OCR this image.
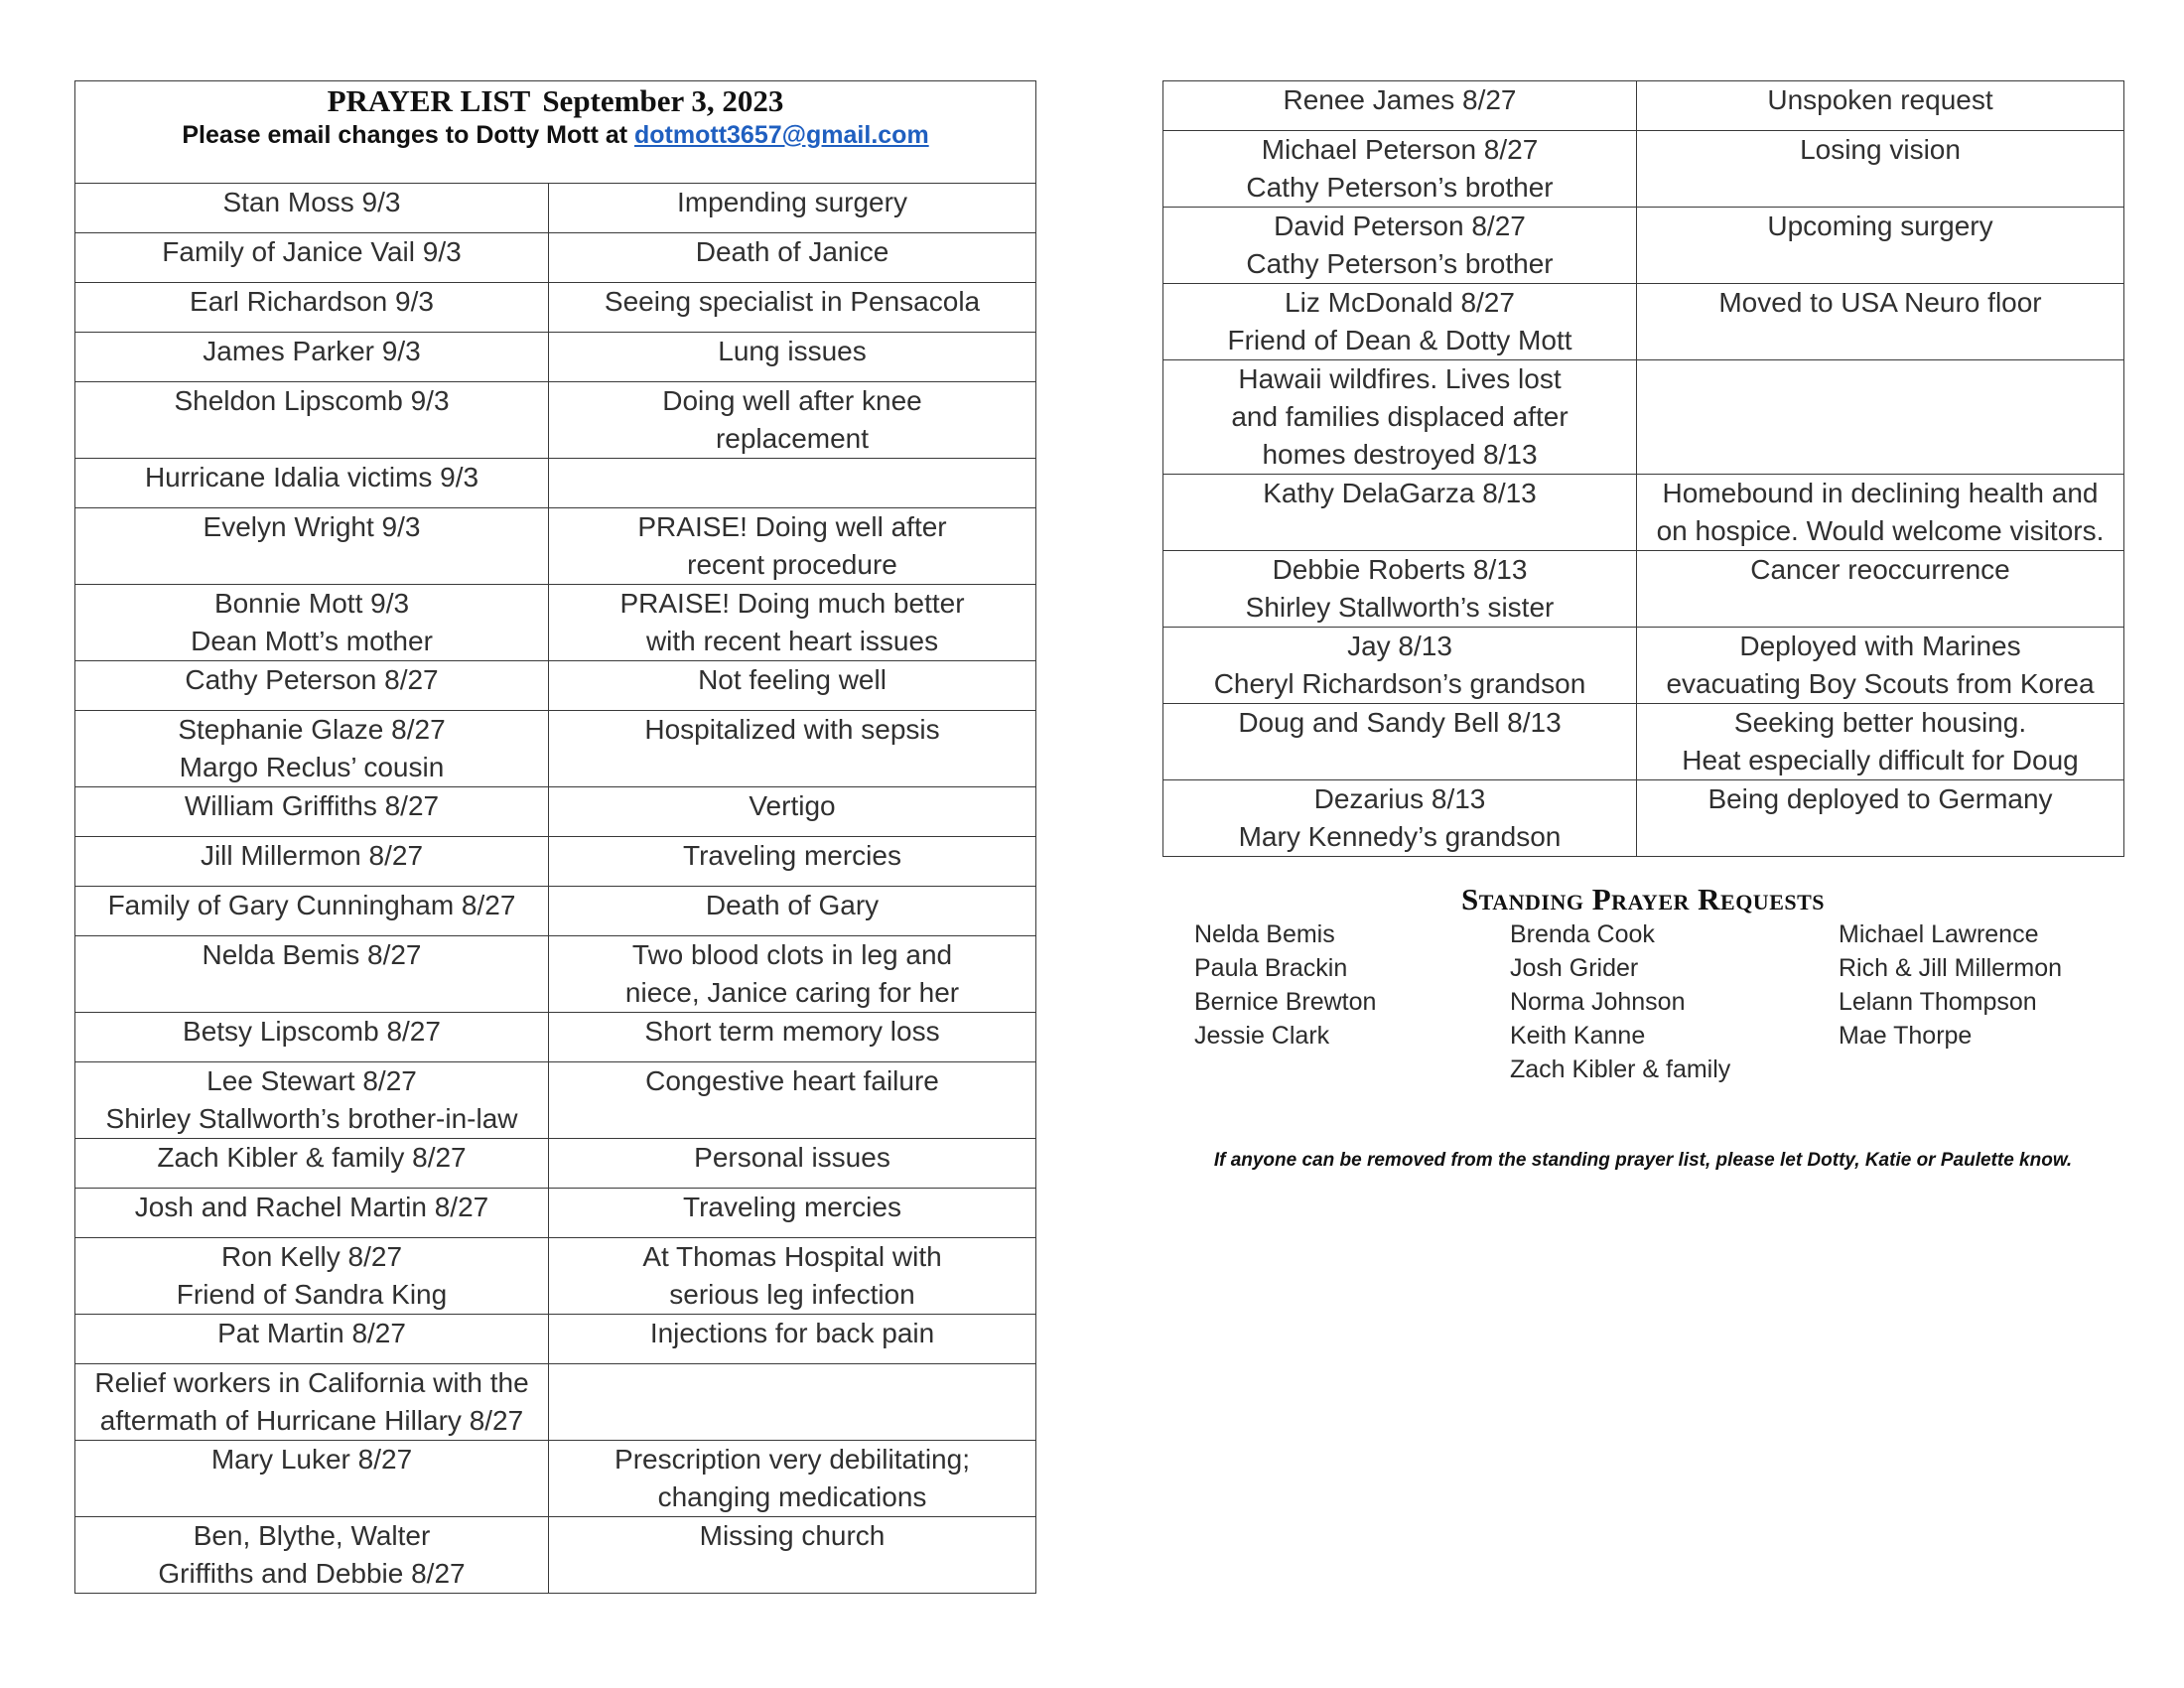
PRAYER LIST September 3, 2023
Please email changes to Dotty Mott at dotmott3657@gmail.com	

Stan Moss 9/3	Impending surgery

Family of Janice Vail 9/3	Death of Janice

Earl Richardson 9/3	Seeing specialist in Pensacola

James Parker 9/3	Lung issues

Sheldon Lipscomb 9/3	Doing well after knee
replacement

Hurricane Idalia victims 9/3	

Evelyn Wright 9/3	PRAISE! Doing well after
recent procedure

Bonnie Mott 9/3
Dean Mott’s mother	PRAISE! Doing much better
with recent heart issues

Cathy Peterson 8/27	Not feeling well

Stephanie Glaze 8/27
Margo Reclus’ cousin	Hospitalized with sepsis

William Griffiths 8/27	Vertigo

Jill Millermon 8/27	Traveling mercies

Family of Gary Cunningham 8/27	Death of Gary

Nelda Bemis 8/27	Two blood clots in leg and
niece, Janice caring for her

Betsy Lipscomb 8/27	Short term memory loss

Lee Stewart 8/27
Shirley Stallworth’s brother-in-law	Congestive heart failure

Zach Kibler & family 8/27	Personal issues

Josh and Rachel Martin 8/27	Traveling mercies

Ron Kelly 8/27
Friend of Sandra King	At Thomas Hospital with
serious leg infection

Pat Martin 8/27	Injections for back pain

Relief workers in California with the
aftermath of Hurricane Hillary 8/27	

Mary Luker 8/27	Prescription very debilitating;
changing medications

Ben, Blythe, Walter
Griffiths and Debbie 8/27	Missing church
Renee James 8/27	Unspoken request

Michael Peterson 8/27
Cathy Peterson’s brother	Losing vision

David Peterson 8/27
Cathy Peterson’s brother	Upcoming surgery

Liz McDonald 8/27
Friend of Dean & Dotty Mott	Moved to USA Neuro floor

Hawaii wildfires. Lives lost
and families displaced after
homes destroyed 8/13	

Kathy DelaGarza 8/13	Homebound in declining health and
on hospice. Would welcome visitors.

Debbie Roberts 8/13
Shirley Stallworth’s sister	Cancer reoccurrence

Jay 8/13
Cheryl Richardson’s grandson	Deployed with Marines
evacuating Boy Scouts from Korea

Doug and Sandy Bell 8/13	Seeking better housing.
Heat especially difficult for Doug

Dezarius 8/13
Mary Kennedy’s grandson	Being deployed to Germany
Standing Prayer Requests
Nelda Bemis
Paula Brackin
Bernice Brewton
Jessie Clark
Brenda Cook
Josh Grider
Norma Johnson
Keith Kanne
Zach Kibler & family
Michael Lawrence
Rich & Jill Millermon
Lelann Thompson
Mae Thorpe
If anyone can be removed from the standing prayer list, please let Dotty, Katie or Paulette know.
